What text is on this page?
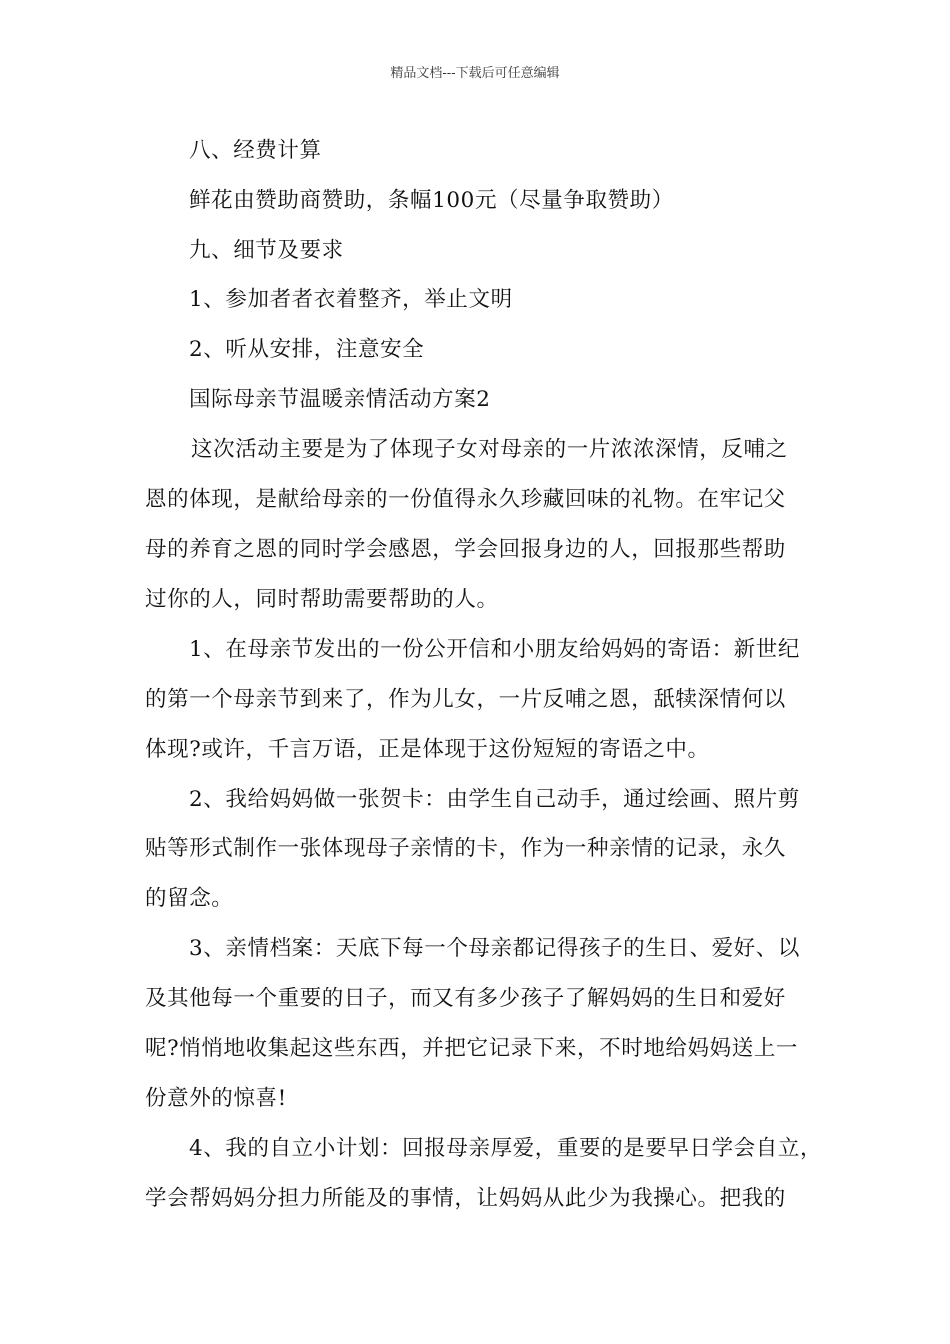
精品文档---下载后可任意编辑
八、经费计算
鲜花由赞助商赞助，条幅100元（尽量争取赞助）
九、细节及要求
1、参加者者衣着整齐，举止文明
2、听从安排，注意安全
国际母亲节温暖亲情活动方案2
这次活动主要是为了体现子女对母亲的一片浓浓深情，反哺之
恩的体现，是献给母亲的一份值得永久珍藏回味的礼物。在牢记父
母的养育之恩的同时学会感恩，学会回报身边的人，回报那些帮助
过你的人，同时帮助需要帮助的人。
1、在母亲节发出的一份公开信和小朋友给妈妈的寄语：新世纪
的第一个母亲节到来了，作为儿女，一片反哺之恩，舐犊深情何以
体现?或许，千言万语，正是体现于这份短短的寄语之中。
2、我给妈妈做一张贺卡：由学生自己动手，通过绘画、照片剪
贴等形式制作一张体现母子亲情的卡，作为一种亲情的记录，永久
的留念。
3、亲情档案：天底下每一个母亲都记得孩子的生日、爱好、以
及其他每一个重要的日子，而又有多少孩子了解妈妈的生日和爱好
呢?悄悄地收集起这些东西，并把它记录下来，不时地给妈妈送上一
份意外的惊喜!
4、我的自立小计划：回报母亲厚爱，重要的是要早日学会自立，
学会帮妈妈分担力所能及的事情，让妈妈从此少为我操心。把我的
